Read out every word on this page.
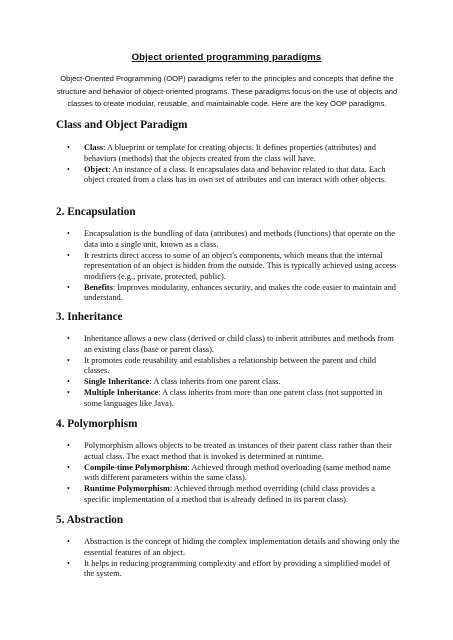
Object oriented programming paradigms
Object-Oriented Programming (OOP) paradigms refer to the principles and concepts that define the structure and behavior of object-oriented programs. These paradigms focus on the use of objects and classes to create modular, reusable, and maintainable code. Here are the key OOP paradigms.
Class and Object Paradigm
• Class: A blueprint or template for creating objects. It defines properties (attributes) and behaviors (methods) that the objects created from the class will have.
• Object: An instance of a class. It encapsulates data and behavior related to that data. Each object created from a class has its own set of attributes and can interact with other objects.
2. Encapsulation
• Encapsulation is the bundling of data (attributes) and methods (functions) that operate on the data into a single unit, known as a class.
• It restricts direct access to some of an object's components, which means that the internal representation of an object is hidden from the outside. This is typically achieved using access modifiers (e.g., private, protected, public).
• Benefits: Improves modularity, enhances security, and makes the code easier to maintain and understand.
3. Inheritance
• Inheritance allows a new class (derived or child class) to inherit attributes and methods from an existing class (base or parent class).
• It promotes code reusability and establishes a relationship between the parent and child classes.
• Single Inheritance: A class inherits from one parent class.
• Multiple Inheritance: A class inherits from more than one parent class (not supported in some languages like Java).
4. Polymorphism
• Polymorphism allows objects to be treated as instances of their parent class rather than their actual class. The exact method that is invoked is determined at runtime.
• Compile-time Polymorphism: Achieved through method overloading (same method name with different parameters within the same class).
• Runtime Polymorphism: Achieved through method overriding (child class provides a specific implementation of a method that is already defined in its parent class).
5. Abstraction
• Abstraction is the concept of hiding the complex implementation details and showing only the essential features of an object.
• It helps in reducing programming complexity and effort by providing a simplified model of the system.
